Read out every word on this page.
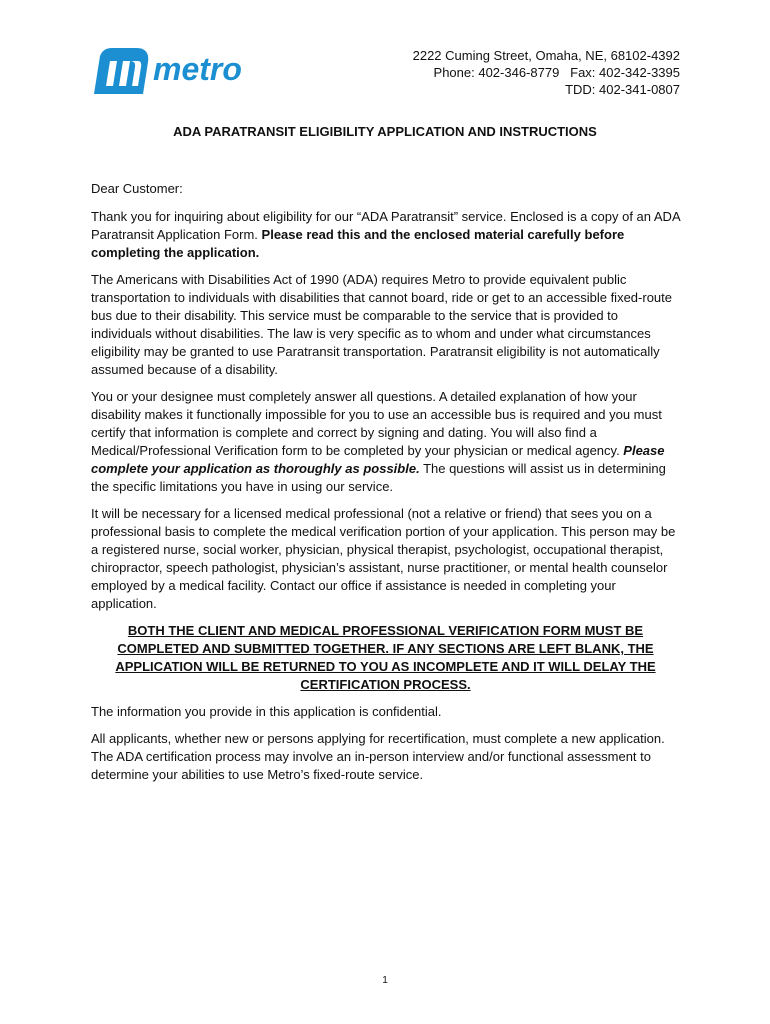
metro	2222 Cuming Street, Omaha, NE, 68102-4392
Phone: 402-346-8779   Fax: 402-342-3395
TDD: 402-341-0807
ADA PARATRANSIT ELIGIBILITY APPLICATION AND INSTRUCTIONS

Dear Customer:

Thank you for inquiring about eligibility for our “ADA Paratransit” service. Enclosed is a copy of an ADA Paratransit Application Form. Please read this and the enclosed material carefully before completing the application.

The Americans with Disabilities Act of 1990 (ADA) requires Metro to provide equivalent public transportation to individuals with disabilities that cannot board, ride or get to an accessible fixed-route bus due to their disability. This service must be comparable to the service that is provided to individuals without disabilities. The law is very specific as to whom and under what circumstances eligibility may be granted to use Paratransit transportation. Paratransit eligibility is not automatically assumed because of a disability.

You or your designee must completely answer all questions. A detailed explanation of how your disability makes it functionally impossible for you to use an accessible bus is required and you must certify that information is complete and correct by signing and dating. You will also find a Medical/Professional Verification form to be completed by your physician or medical agency. Please complete your application as thoroughly as possible. The questions will assist us in determining the specific limitations you have in using our service.

It will be necessary for a licensed medical professional (not a relative or friend) that sees you on a professional basis to complete the medical verification portion of your application. This person may be a registered nurse, social worker, physician, physical therapist, psychologist, occupational therapist, chiropractor, speech pathologist, physician’s assistant, nurse practitioner, or mental health counselor employed by a medical facility. Contact our office if assistance is needed in completing your application.

BOTH THE CLIENT AND MEDICAL PROFESSIONAL VERIFICATION FORM MUST BE COMPLETED AND SUBMITTED TOGETHER. IF ANY SECTIONS ARE LEFT BLANK, THE APPLICATION WILL BE RETURNED TO YOU AS INCOMPLETE AND IT WILL DELAY THE CERTIFICATION PROCESS.

The information you provide in this application is confidential.

All applicants, whether new or persons applying for recertification, must complete a new application. The ADA certification process may involve an in-person interview and/or functional assessment to determine your abilities to use Metro’s fixed-route service.

1
